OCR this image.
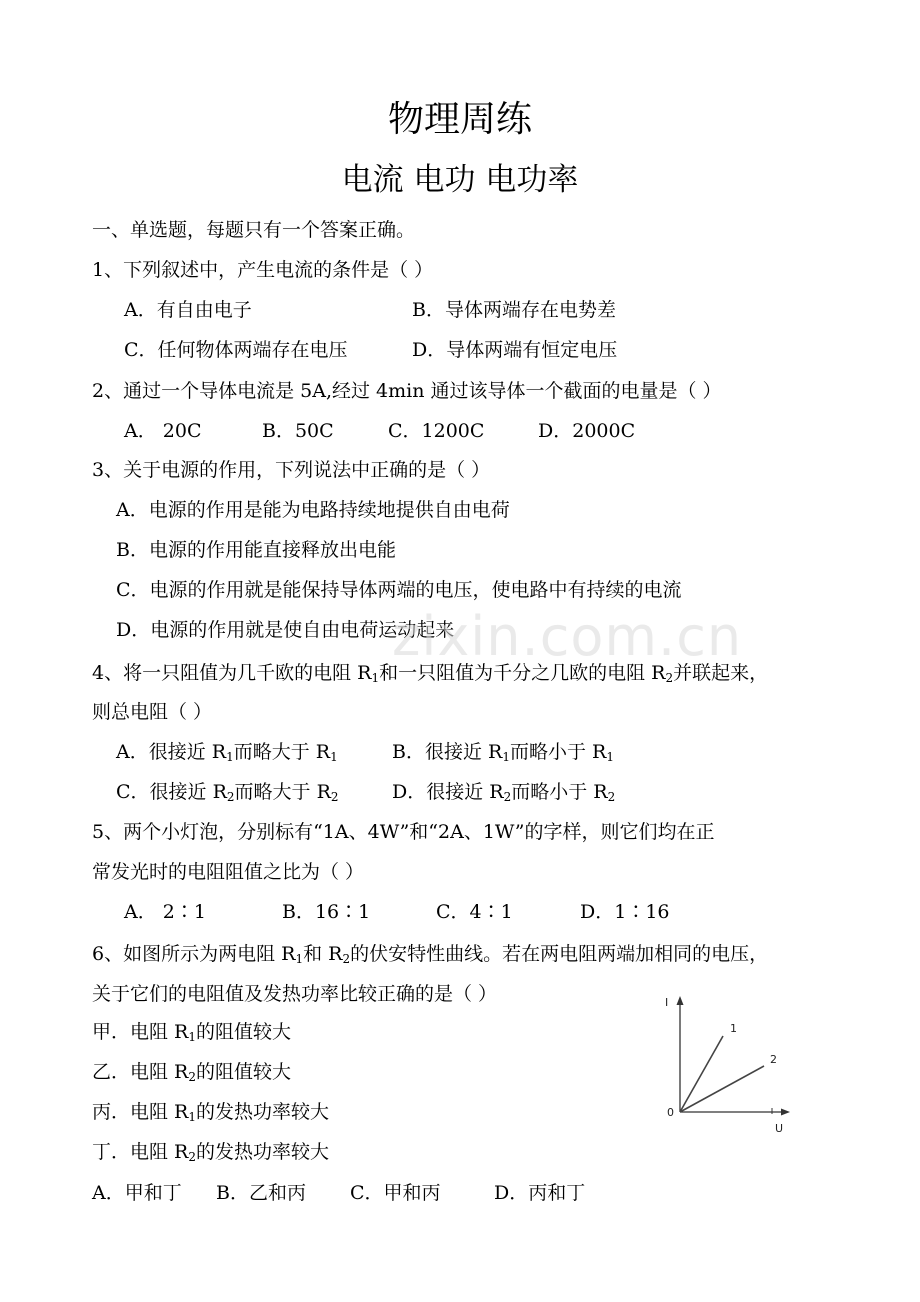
物理周练
电流 电功 电功率
一、单选题，每题只有一个答案正确。
1、下列叙述中，产生电流的条件是（ ）
A．有自由电子	B．导体两端存在电势差
C．任何物体两端存在电压	D．导体两端有恒定电压
2、通过一个导体电流是 5A,经过 4min 通过该导体一个截面的电量是（ ）
A． 20C	B．50C	C．1200C	D．2000C
3、关于电源的作用，下列说法中正确的是（ ）
A．电源的作用是能为电路持续地提供自由电荷
B．电源的作用能直接释放出电能
C．电源的作用就是能保持导体两端的电压，使电路中有持续的电流
D．电源的作用就是使自由电荷运动起来
zixin.com.cn
4、将一只阻值为几千欧的电阻 $R_1$和一只阻值为千分之几欧的电阻 $R_2$并联起来，
则总电阻（ ）
A．很接近 $R_1$而略大于 $R_1$	B．很接近 $R_1$而略小于 $R_1$
C．很接近 $R_2$而略大于 $R_2$	D．很接近 $R_2$而略小于 $R_2$
5、两个小灯泡，分别标有“1A、4W”和“2A、1W”的字样，则它们均在正
常发光时的电阻阻值之比为（ ）
A． 2∶1	B．16∶1	C．4∶1	D．1∶16
6、如图所示为两电阻 $R_1$和 $R_2$的伏安特性曲线。若在两电阻两端加相同的电压，
关于它们的电阻值及发热功率比较正确的是（ ）
甲．电阻 $R_1$的阻值较大
乙．电阻 $R_2$的阻值较大
丙．电阻 $R_1$的发热功率较大
丁．电阻 $R_2$的发热功率较大
A．甲和丁 B．乙和丙 C．甲和丙	D．丙和丁
I
U
0
1
2
